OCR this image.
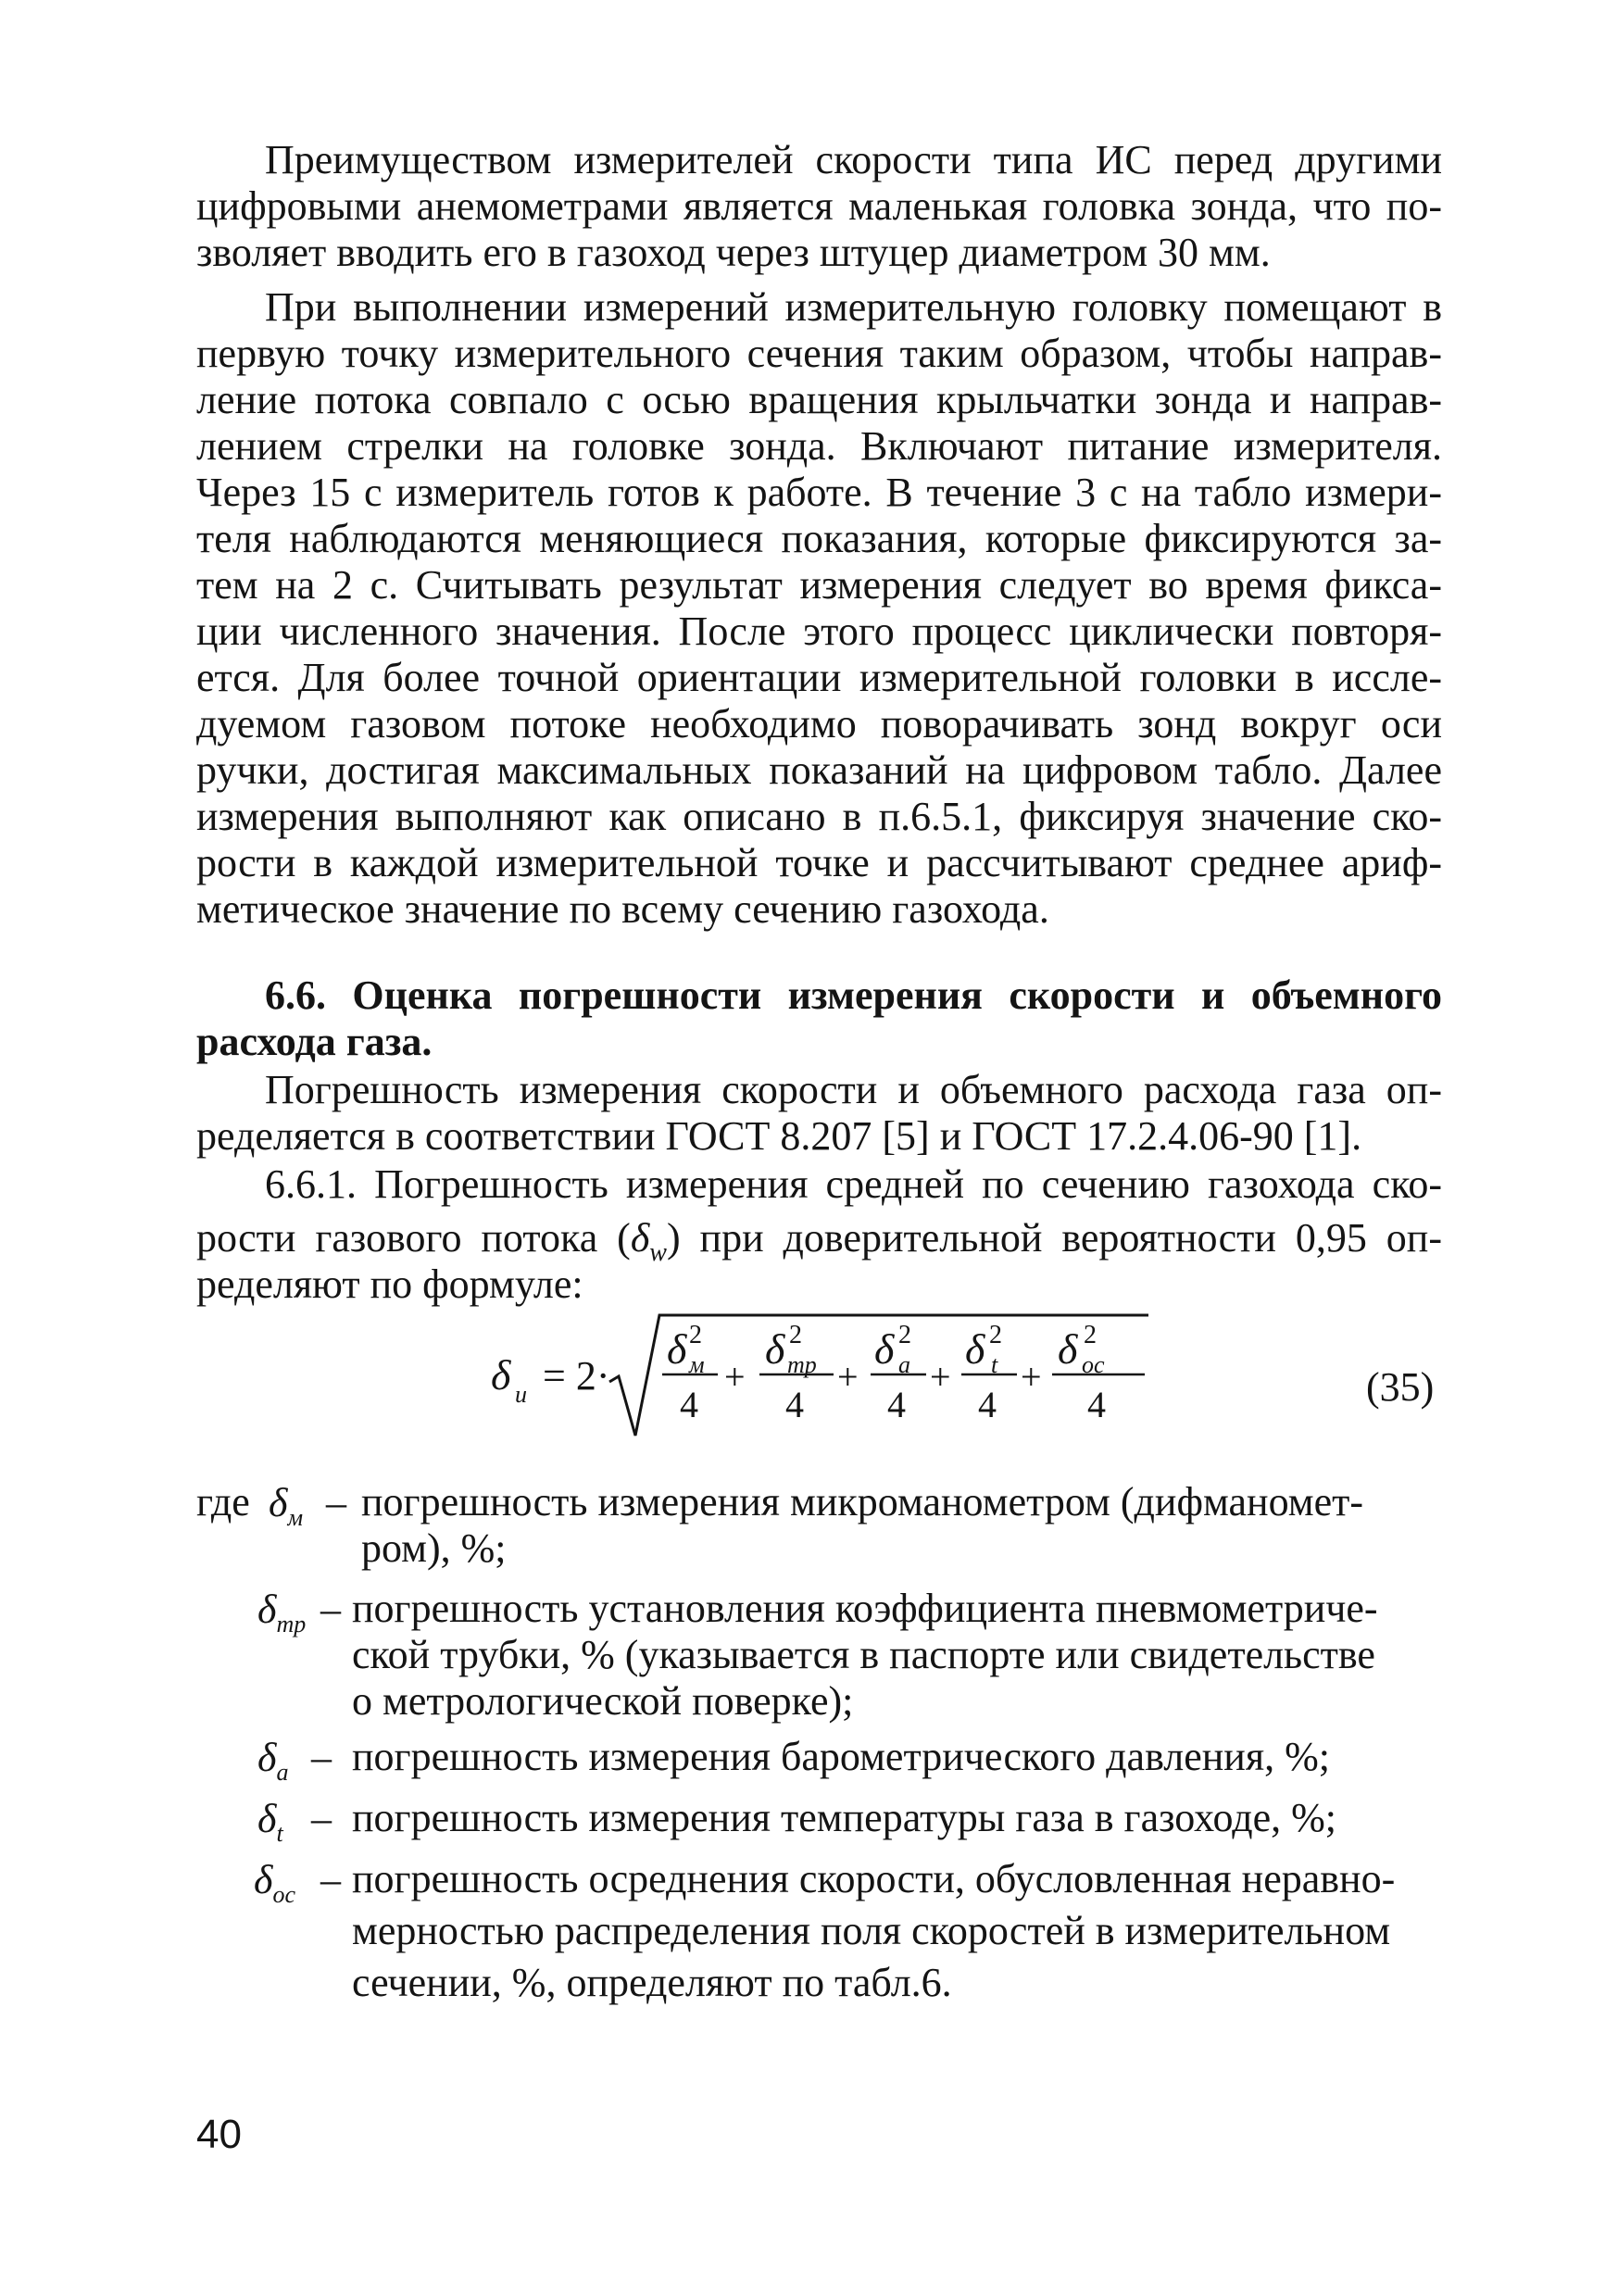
Преимуществом измерителей скорости типа ИС перед другими
цифровыми анемометрами является маленькая головка зонда, что по-
зволяет вводить его в газоход через штуцер диаметром 30 мм.
При выполнении измерений измерительную головку помещают в
первую точку измерительного сечения таким образом, чтобы направ-
ление потока совпало с осью вращения крыльчатки зонда и направ-
лением стрелки на головке зонда. Включают питание измерителя.
Через 15 с измеритель готов к работе. В течение 3 с на табло измери-
теля наблюдаются меняющиеся показания, которые фиксируются за-
тем на 2 с. Считывать результат измерения следует во время фикса-
ции численного значения. После этого процесс циклически повторя-
ется. Для более точной ориентации измерительной головки в иссле-
дуемом газовом потоке необходимо поворачивать зонд вокруг оси
ручки, достигая максимальных показаний на цифровом табло. Далее
измерения выполняют как описано в п.6.5.1, фиксируя значение ско-
рости в каждой измерительной точке и рассчитывают среднее ариф-
метическое значение по всему сечению газохода.
6.6. Оценка погрешности измерения скорости и объемного
расхода газа.
Погрешность измерения скорости и объемного расхода газа оп-
ределяется в соответствии ГОСТ 8.207 [5] и ГОСТ 17.2.4.06-90 [1].
6.6.1. Погрешность измерения средней по сечению газохода ско-
рости газового потока $(\delta_w)$ при доверительной вероятности 0,95 оп-
ределяют по формуле:
δ и = 2·
δ 2
м
4
+
δ 2
тр
4
+
δ 2
а
4
+
δ 2
t
4
+
δ 2
ос
4	(35)
где $\delta_м$ – погрешность измерения микроманометром (дифманомет-
ром), %;
$\delta_{тр}$ – погрешность установления коэффициента пневмометриче-
ской трубки, % (указывается в паспорте или свидетельстве
о метрологической поверке);
$\delta_а$ – погрешность измерения барометрического давления, %;
$\delta_t$ – погрешность измерения температуры газа в газоходе, %;
$\delta_{ос}$ – погрешность осреднения скорости, обусловленная неравно-
мерностью распределения поля скоростей в измерительном
сечении, %, определяют по табл.6.
40
